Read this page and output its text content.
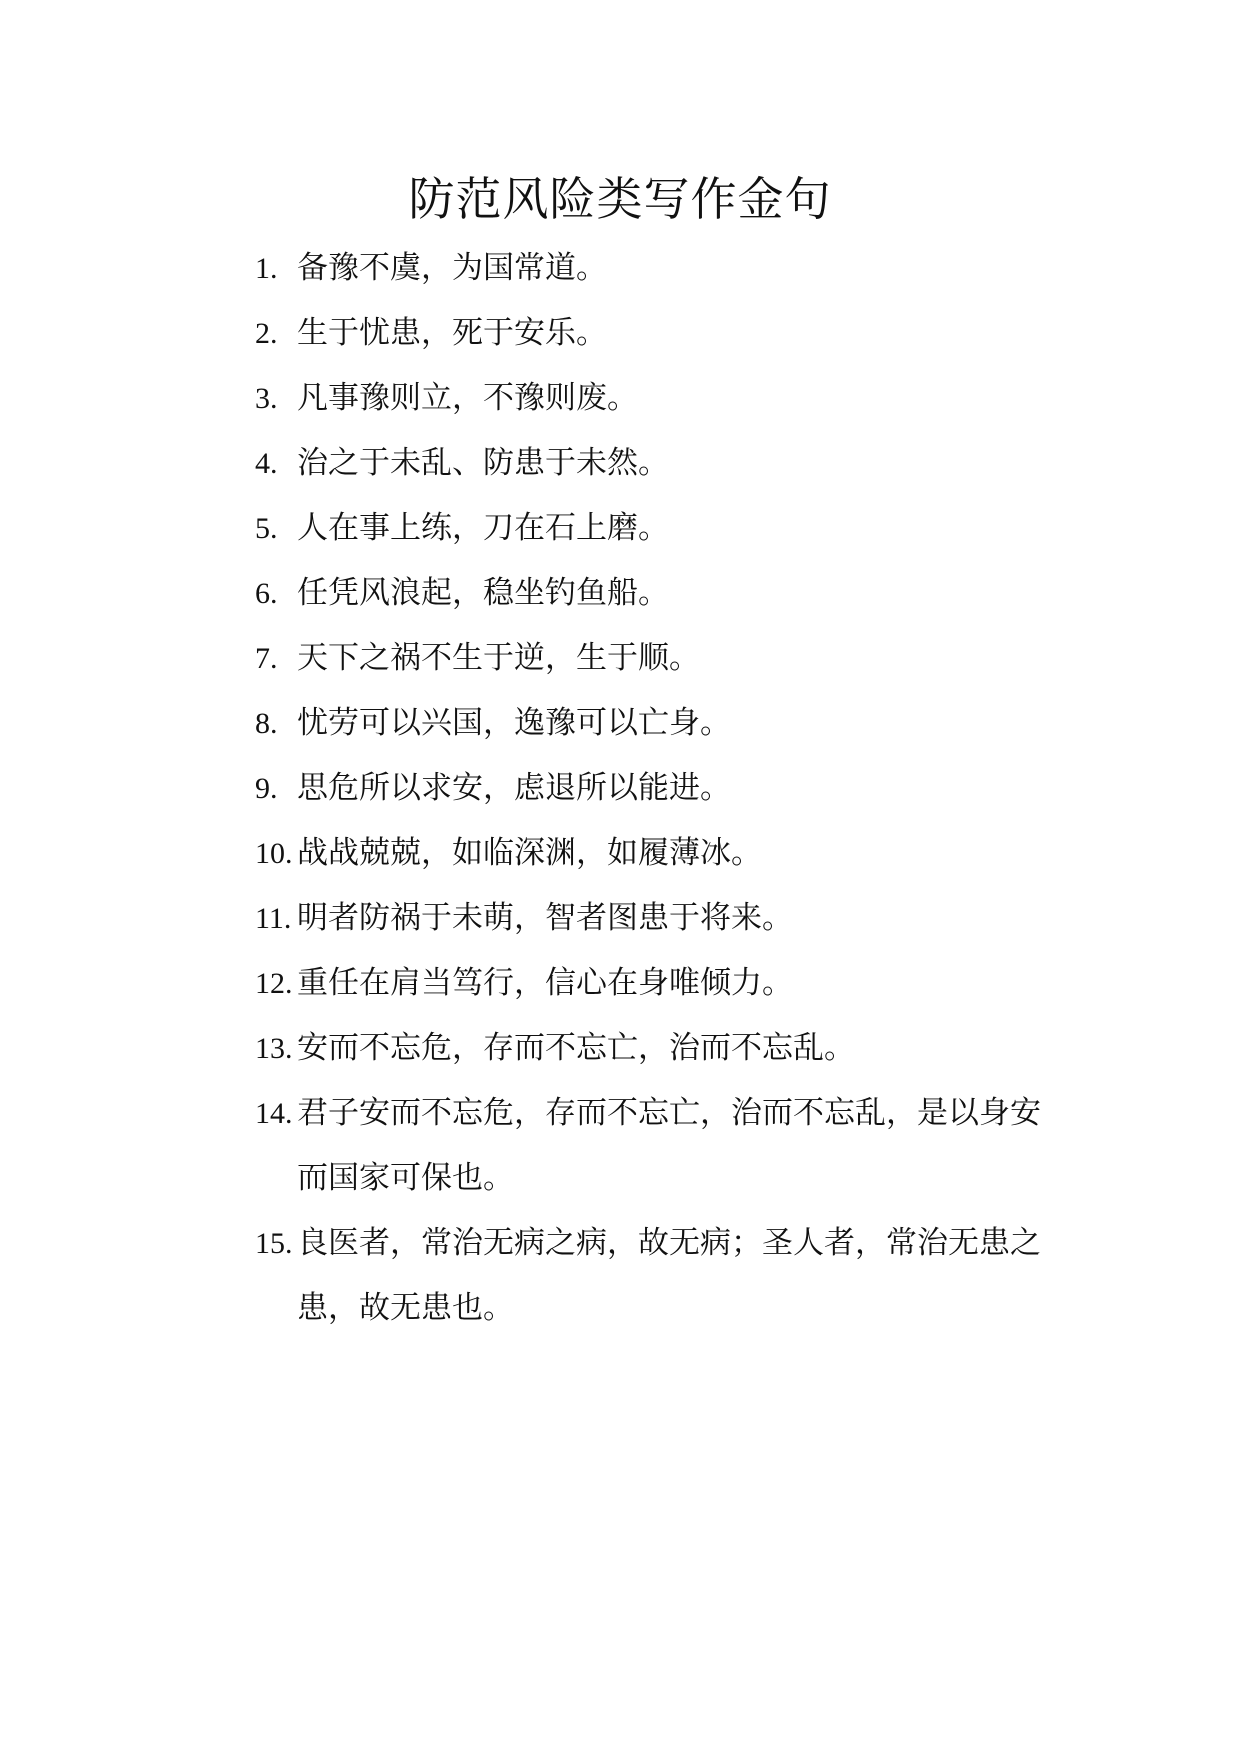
防范风险类写作金句
1. 备豫不虞，为国常道。
2. 生于忧患，死于安乐。
3. 凡事豫则立，不豫则废。
4. 治之于未乱、防患于未然。
5. 人在事上练，刀在石上磨。
6. 任凭风浪起，稳坐钓鱼船。
7. 天下之祸不生于逆，生于顺。
8. 忧劳可以兴国，逸豫可以亡身。
9. 思危所以求安，虑退所以能进。
10. 战战兢兢，如临深渊，如履薄冰。
11. 明者防祸于未萌，智者图患于将来。
12. 重任在肩当笃行，信心在身唯倾力。
13. 安而不忘危，存而不忘亡，治而不忘乱。
14. 君子安而不忘危，存而不忘亡，治而不忘乱，是以身安而国家可保也。
15. 良医者，常治无病之病，故无病；圣人者，常治无患之患，故无患也。
